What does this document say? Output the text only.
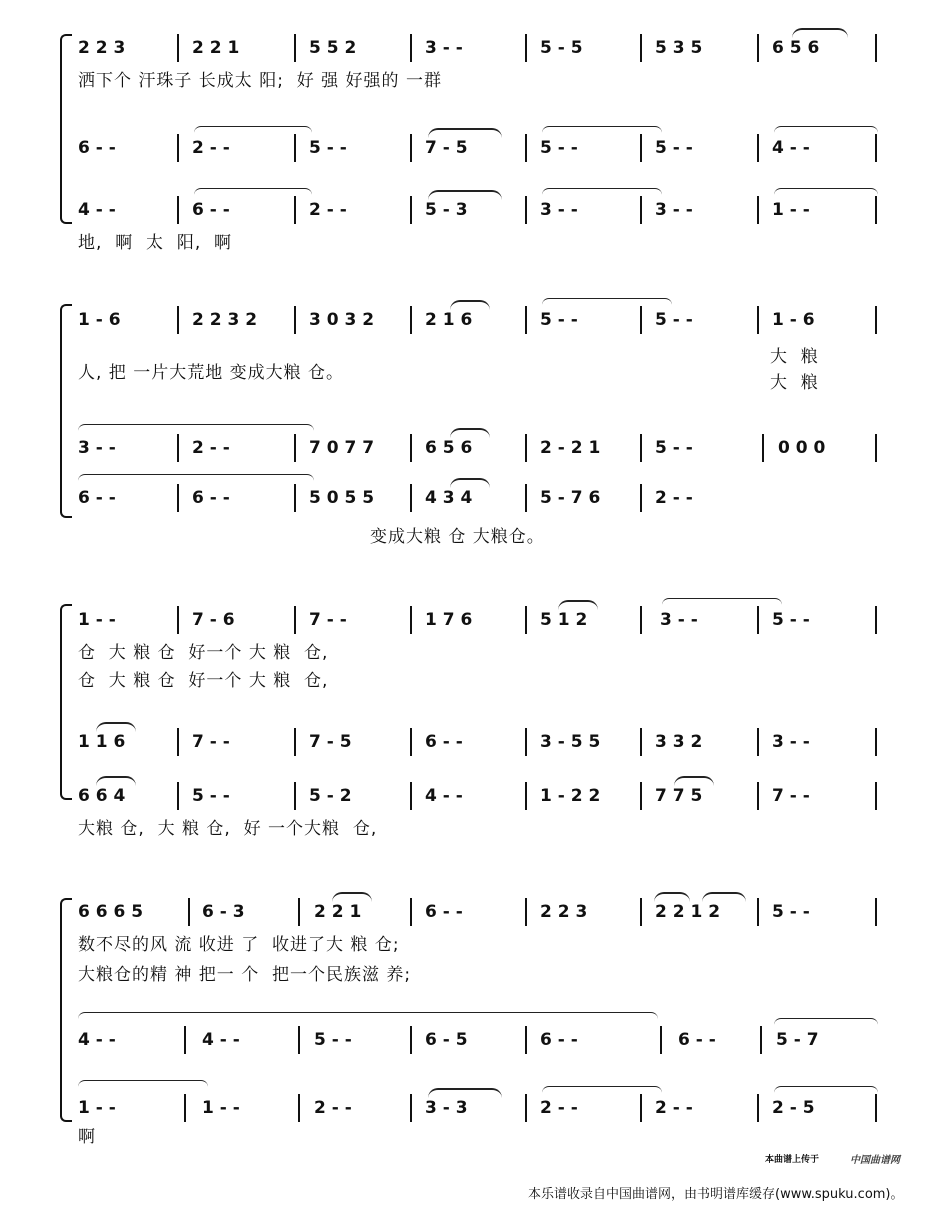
2 2 3	2 2 1	5 5 2	3 - -	5 - 5	5 3 5	6 5 6
洒下个 汗珠子 长成太 阳;  好 强 好强的 一群
6 - -	2 - -	5 - -	7 - 5	5 - -	5 - -	4 - -
4 - -	6 - -	2 - -	5 - 3	3 - -	3 - -	1 - -
地,  啊  太  阳,  啊
1 - 6	2 2 3 2	3 0 3 2	2 1 6	5 - -	5 - -	1 - 6
人, 把 一片大荒地 变成大粮 仓。
大  粮
大  粮
3 - -	2 - -	7 0 7 7	6 5 6	2 - 2 1	5 - -	0 0 0
6 - -	6 - -	5 0 5 5	4 3 4	5 - 7 6	2 - -
变成大粮 仓 大粮仓。
1 - -	7 - 6	7 - -	1 7 6	5 1 2	3 - -	5 - -
仓  大 粮 仓  好一个 大 粮  仓,
仓  大 粮 仓  好一个 大 粮  仓,
1 1 6	7 - -	7 - 5	6 - -	3 - 5 5	3 3 2	3 - -
6 6 4	5 - -	5 - 2	4 - -	1 - 2 2	7 7 5	7 - -
大粮 仓,  大 粮 仓,  好 一个大粮  仓,
6 6 6 5	6 - 3	2 2 1	6 - -	2 2 3	2 2 1 2	5 - -
数不尽的风 流 收进 了  收进了大 粮 仓;
大粮仓的精 神 把一 个  把一个民族滋 养;
4 - -	4 - -	5 - -	6 - 5	6 - -	6 - -	5 - 7
1 - -	1 - -	2 - -	3 - 3	2 - -	2 - -	2 - 5
啊
本曲谱上传于	中国曲谱网
本乐谱收录自中国曲谱网，由书明谱库缓存(www.spuku.com)。
